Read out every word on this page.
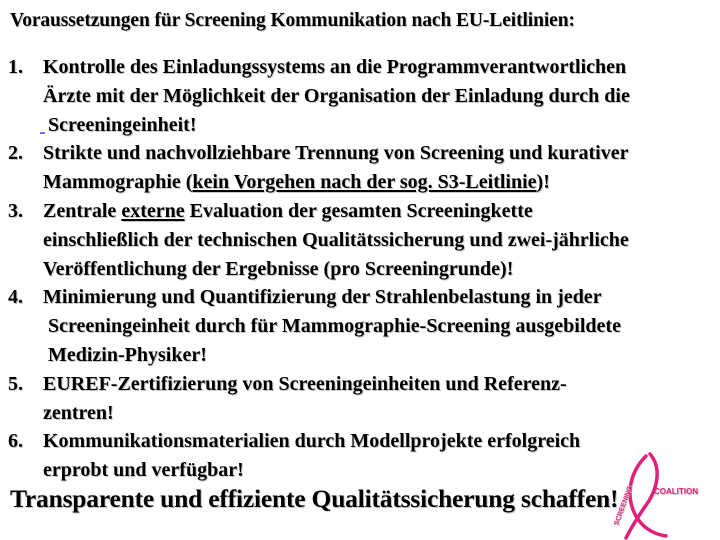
Voraussetzungen für Screening Kommunikation nach EU-Leitlinien:
1.	Kontrolle des Einladungssystems an die Programmverantwortlichen
Ärzte mit der Möglichkeit der Organisation der Einladung durch die
Screeningeinheit!
2.	Strikte und nachvollziehbare Trennung von Screening und kurativer
Mammographie (kein Vorgehen nach der sog. S3-Leitlinie)!
3.	Zentrale externe Evaluation der gesamten Screeningkette
einschließlich der technischen Qualitätssicherung und zwei-jährliche
Veröffentlichung der Ergebnisse (pro Screeningrunde)!
4.	Minimierung und Quantifizierung der Strahlenbelastung in jeder
Screeningeinheit durch für Mammographie-Screening ausgebildete
Medizin-Physiker!
5.	EUREF-Zertifizierung von Screeningeinheiten und Referenz-
zentren!
6.	Kommunikationsmaterialien durch Modellprojekte erfolgreich
erprobt und verfügbar!
Transparente und effiziente Qualitätssicherung schaffen!	COALITION
SCREENING
